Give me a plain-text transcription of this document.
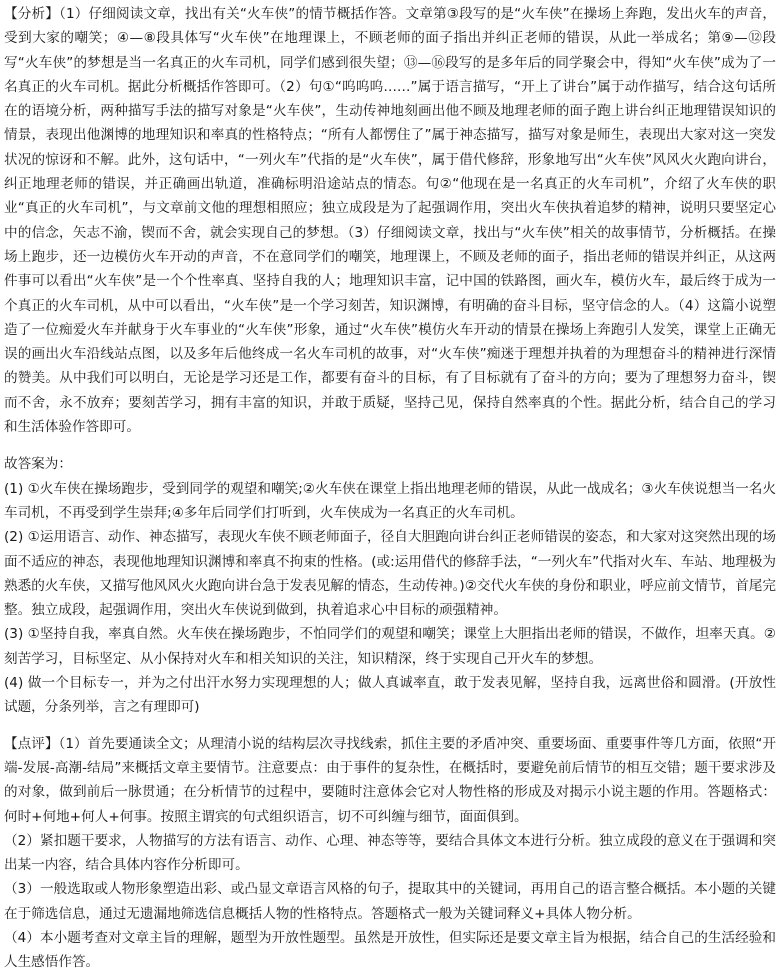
【分析】（1）仔细阅读文章，找出有关“火车侠”的情节概括作答。文章第③段写的是“火车侠”在操场上奔跑，发出火车的声音，受到大家的嘲笑；④—⑧段具体写“火车侠”在地理课上，不顾老师的面子指出并纠正老师的错误，从此一举成名；第⑨—⑫段写“火车侠”的梦想是当一名真正的火车司机，同学们感到很失望；⑬—⑯段写的是多年后的同学聚会中，得知“火车侠”成为了一名真正的火车司机。据此分析概括作答即可。（2）句①“呜呜呜……”属于语言描写，“开上了讲台”属于动作描写，结合这句话所在的语境分析，两种描写手法的描写对象是“火车侠”，生动传神地刻画出他不顾及地理老师的面子跑上讲台纠正地理错误知识的情景，表现出他渊博的地理知识和率真的性格特点；“所有人都愣住了”属于神态描写，描写对象是师生，表现出大家对这一突发状况的惊讶和不解。此外，这句话中，“一列火车”代指的是“火车侠”，属于借代修辞，形象地写出“火车侠”风风火火跑向讲台，纠正地理老师的错误，并正确画出轨道，准确标明沿途站点的情态。句②“他现在是一名真正的火车司机”，介绍了火车侠的职业“真正的火车司机”，与文章前文他的理想相照应；独立成段是为了起强调作用，突出火车侠执着追梦的精神，说明只要坚定心中的信念，矢志不渝，锲而不舍，就会实现自己的梦想。（3）仔细阅读文章，找出与“火车侠”相关的故事情节，分析概括。在操场上跑步，还一边模仿火车开动的声音，不在意同学们的嘲笑，地理课上，不顾及老师的面子，指出老师的错误并纠正，从这两件事可以看出“火车侠”是一个个性率真、坚持自我的人；地理知识丰富，记中国的铁路图，画火车，模仿火车，最后终于成为一个真正的火车司机，从中可以看出，“火车侠”是一个学习刻苦，知识渊博，有明确的奋斗目标，坚守信念的人。（4）这篇小说塑造了一位痴爱火车并献身于火车事业的“火车侠”形象，通过“火车侠”模仿火车开动的情景在操场上奔跑引人发笑，课堂上正确无误的画出火车沿线站点图，以及多年后他终成一名火车司机的故事，对“火车侠”痴迷于理想并执着的为理想奋斗的精神进行深情的赞美。从中我们可以明白，无论是学习还是工作，都要有奋斗的目标，有了目标就有了奋斗的方向；要为了理想努力奋斗，锲而不舍，永不放弃；要刻苦学习，拥有丰富的知识，并敢于质疑，坚持己见，保持自然率真的个性。据此分析，结合自己的学习和生活体验作答即可。

故答案为：

(1) ①火车侠在操场跑步，受到同学的观望和嘲笑;②火车侠在课堂上指出地理老师的错误，从此一战成名；③火车侠说想当一名火车司机，不再受到学生崇拜;④多年后同学们打听到，火车侠成为一名真正的火车司机。

(2) ①运用语言、动作、神态描写，表现火车侠不顾老师面子，径自大胆跑向讲台纠正老师错误的姿态，和大家对这突然出现的场面不适应的神态，表现他地理知识渊博和率真不拘束的性格。(或:运用借代的修辞手法，“一列火车”代指对火车、车站、地理极为熟悉的火车侠，又描写他风风火火跑向讲台急于发表见解的情态，生动传神。)②交代火车侠的身份和职业，呼应前文情节，首尾完整。独立成段，起强调作用，突出火车侠说到做到，执着追求心中目标的顽强精神。

(3) ①坚持自我，率真自然。火车侠在操场跑步，不怕同学们的观望和嘲笑；课堂上大胆指出老师的错误，不做作，坦率天真。②刻苦学习，目标坚定、从小保持对火车和相关知识的关注，知识精深，终于实现自己开火车的梦想。

(4) 做一个目标专一，并为之付出汗水努力实现理想的人；做人真诚率直，敢于发表见解，坚持自我，远离世俗和圆滑。(开放性试题，分条列举，言之有理即可)

【点评】（1）首先要通读全文；从理清小说的结构层次寻找线索，抓住主要的矛盾冲突、重要场面、重要事件等几方面，依照“开端-发展-高潮-结局”来概括文章主要情节。注意要点：由于事件的复杂性，在概括时，要避免前后情节的相互交错；题干要求涉及的对象，做到前后一脉贯通；在分析情节的过程中，要随时注意体会它对人物性格的形成及对揭示小说主题的作用。答题格式：何时+何地+何人+何事。按照主谓宾的句式组织语言，切不可纠缠与细节，面面俱到。

（2）紧扣题干要求，人物描写的方法有语言、动作、心理、神态等等，要结合具体文本进行分析。独立成段的意义在于强调和突出某一内容，结合具体内容作分析即可。

（3）一般选取或人物形象塑造出彩、或凸显文章语言风格的句子，提取其中的关键词，再用自己的语言整合概括。本小题的关键在于筛选信息，通过无遗漏地筛选信息概括人物的性格特点。答题格式一般为关键词释义+具体人物分析。

（4）本小题考查对文章主旨的理解，题型为开放性题型。虽然是开放性，但实际还是要文章主旨为根据，结合自己的生活经验和人生感悟作答。
